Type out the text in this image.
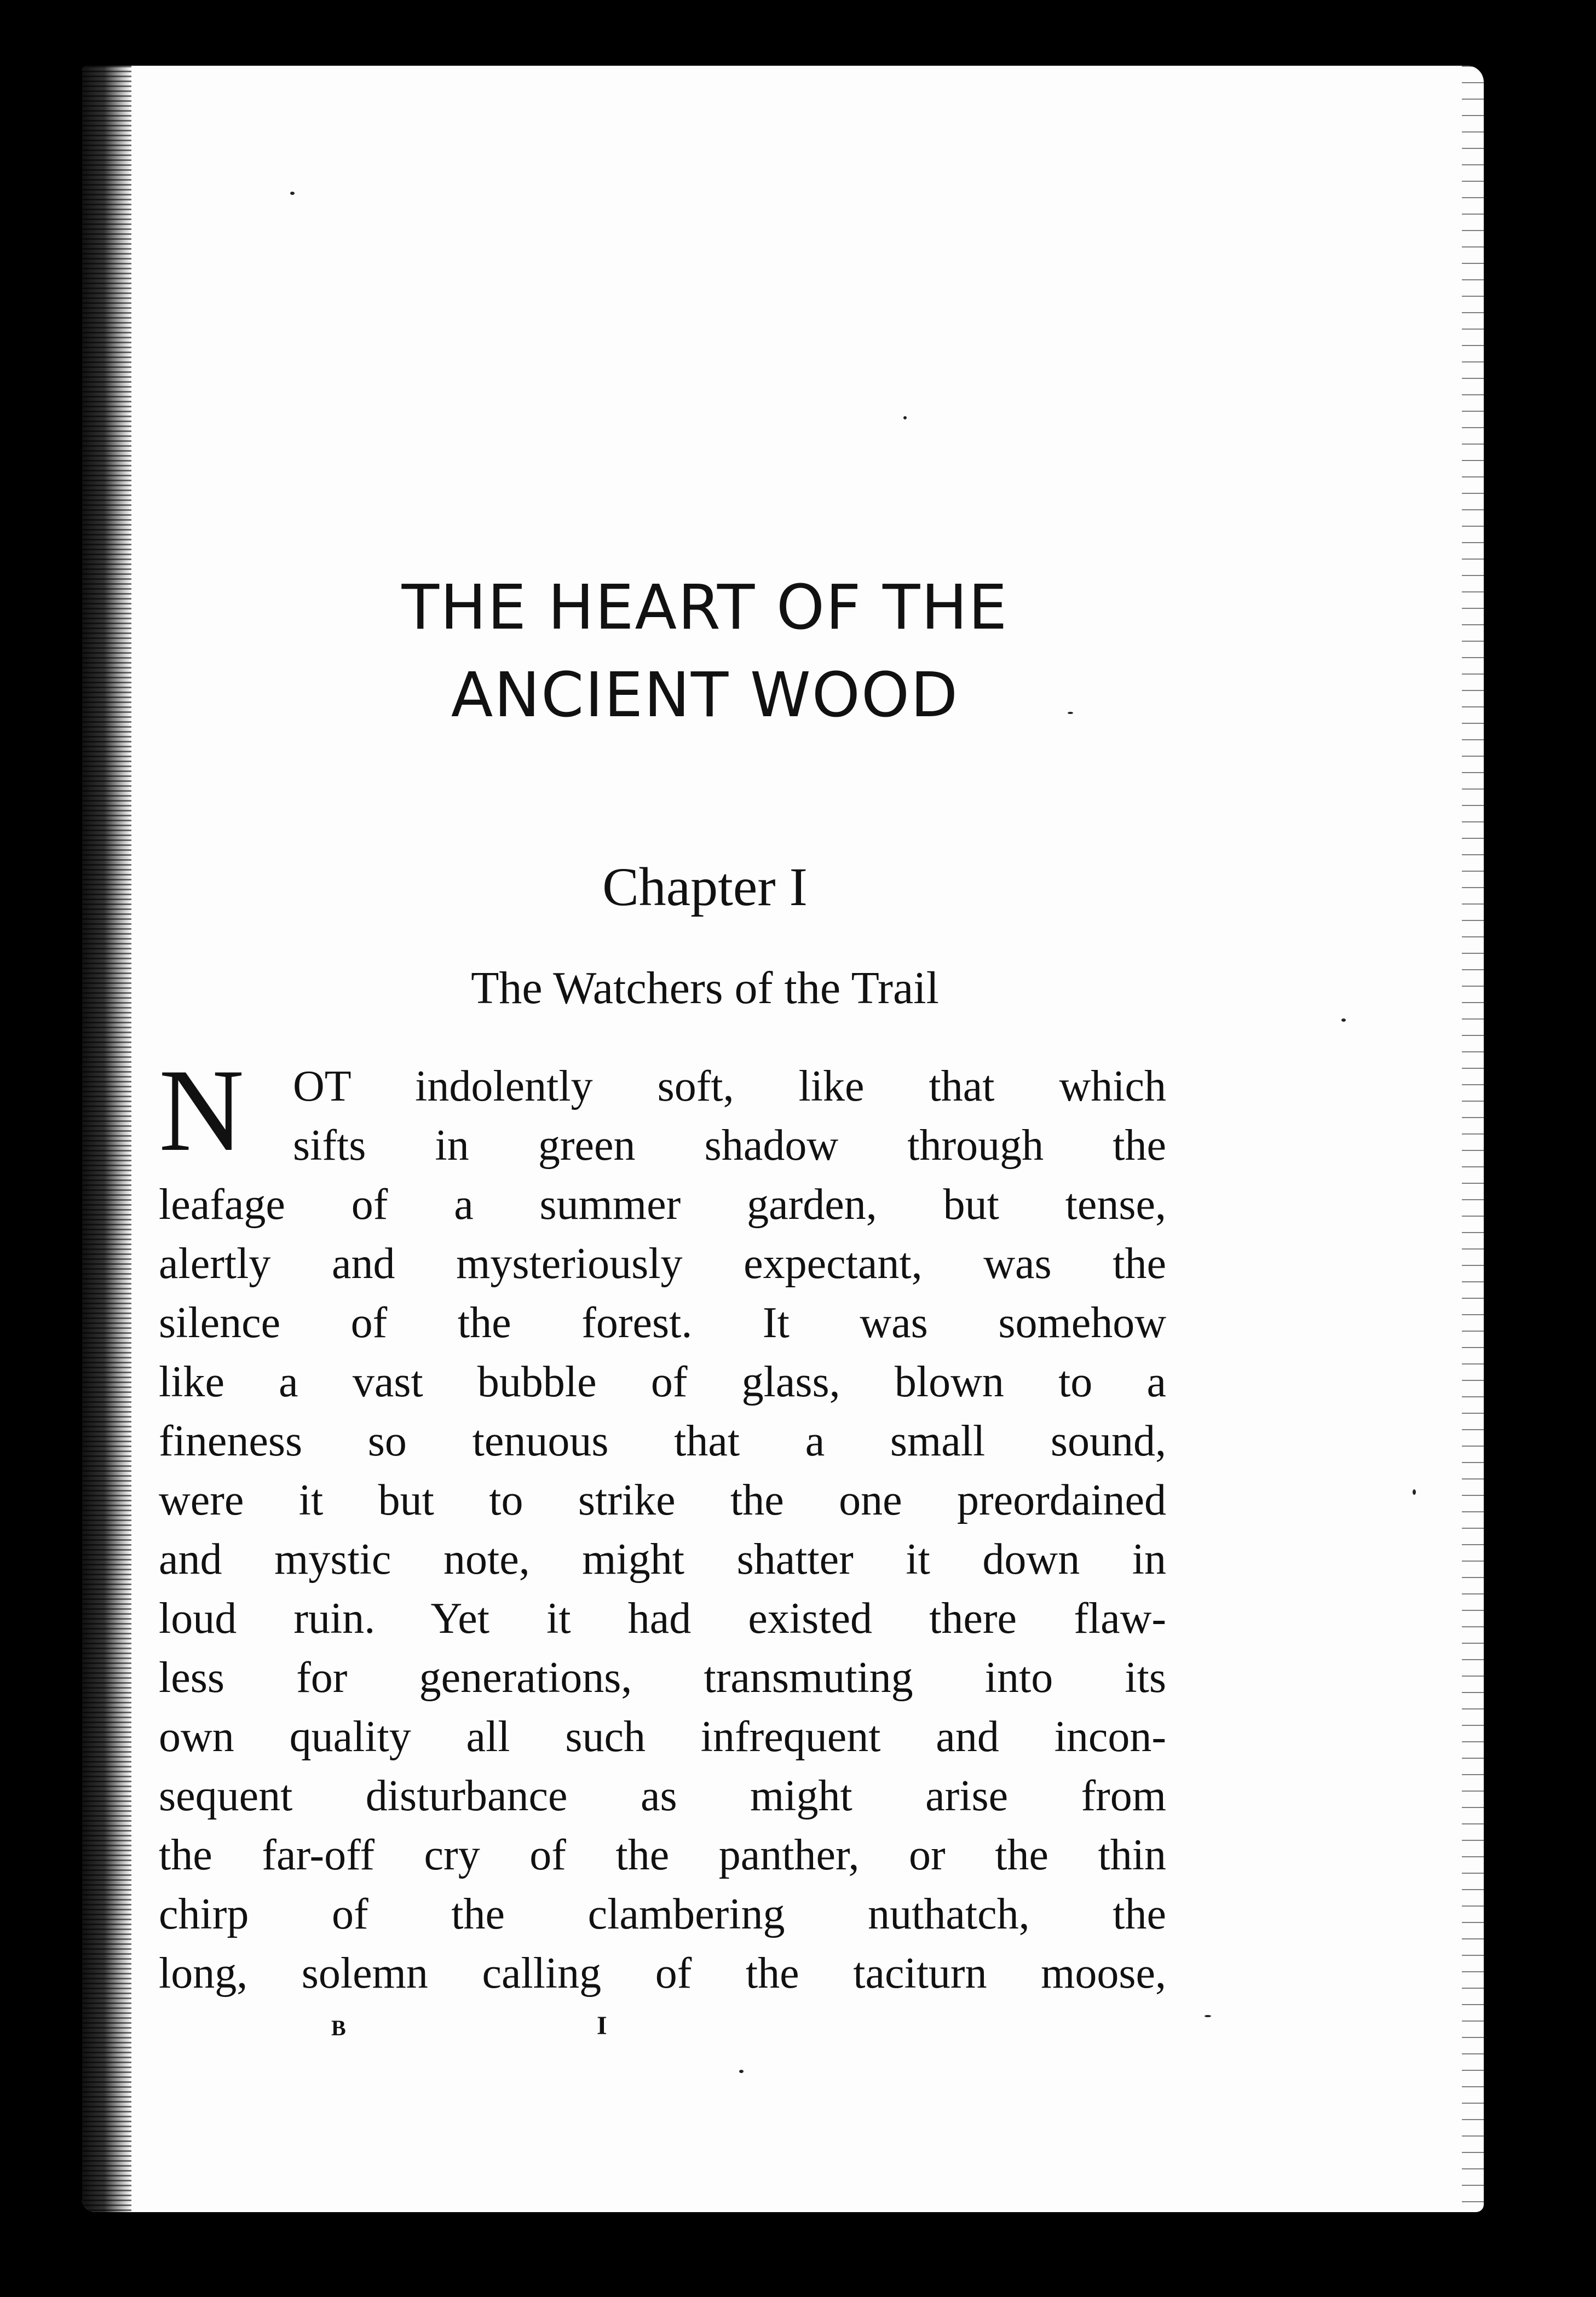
THE HEART OF THE
ANCIENT WOOD
Chapter I
The Watchers of the Trail
N OT indolently soft, like that which
sifts in green shadow through the
leafage of a summer garden, but tense,
alertly and mysteriously expectant, was the
silence of the forest. It was somehow
like a vast bubble of glass, blown to a
fineness so tenuous that a small sound,
were it but to strike the one preordained
and mystic note, might shatter it down in
loud ruin. Yet it had existed there flaw-
less for generations, transmuting into its
own quality all such infrequent and incon-
sequent disturbance as might arise from
the far-off cry of the panther, or the thin
chirp of the clambering nuthatch, the
long, solemn calling of the taciturn moose,
B	I
